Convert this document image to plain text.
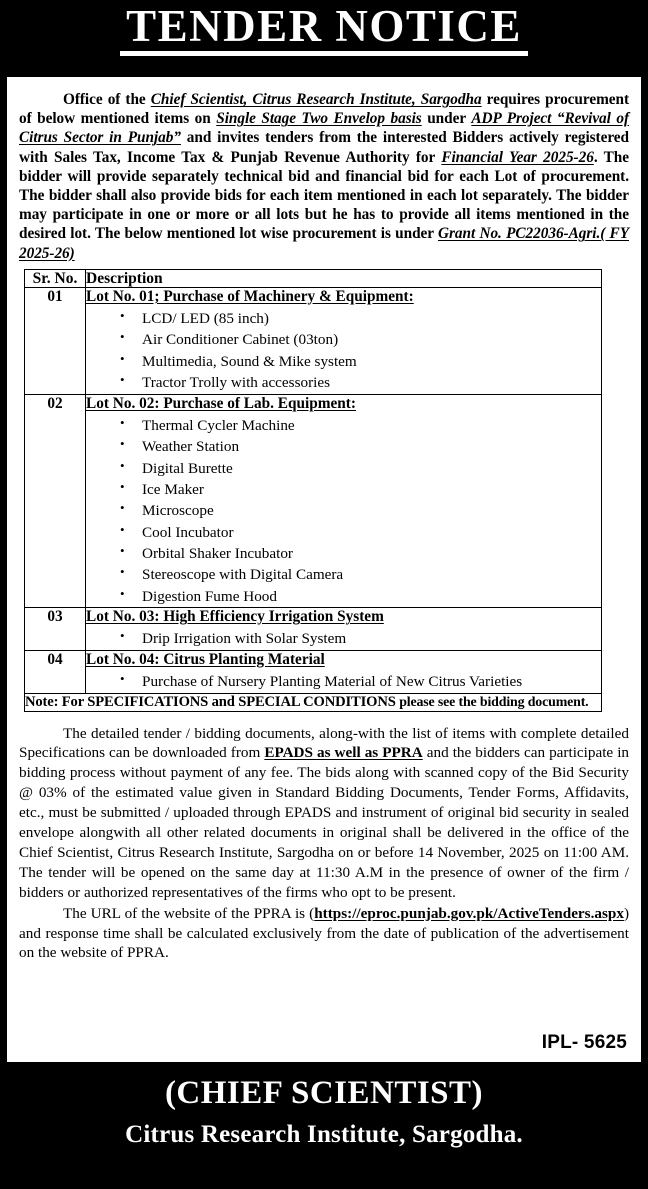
TENDER NOTICE

Office of the Chief Scientist, Citrus Research Institute, Sargodha requires procurement of below mentioned items on Single Stage Two Envelop basis under ADP Project “Revival of Citrus Sector in Punjab” and invites tenders from the interested Bidders actively registered with Sales Tax, Income Tax & Punjab Revenue Authority for Financial Year 2025-26. The bidder will provide separately technical bid and financial bid for each Lot of procurement. The bidder shall also provide bids for each item mentioned in each lot separately. The bidder may participate in one or more or all lots but he has to provide all items mentioned in the desired lot. The below mentioned lot wise procurement is under Grant No. PC22036-Agri.( FY 2025-26)

Sr. No.	Description
01	Lot No. 01; Purchase of Machinery & Equipment:
• LCD/ LED (85 inch)
• Air Conditioner Cabinet (03ton)
• Multimedia, Sound & Mike system
• Tractor Trolly with accessories

02	Lot No. 02: Purchase of Lab. Equipment:
• Thermal Cycler Machine
• Weather Station
• Digital Burette
• Ice Maker
• Microscope
• Cool Incubator
• Orbital Shaker Incubator
• Stereoscope with Digital Camera
• Digestion Fume Hood

03	Lot No. 03: High Efficiency Irrigation System
• Drip Irrigation with Solar System

04	Lot No. 04: Citrus Planting Material
• Purchase of Nursery Planting Material of New Citrus Varieties

Note: For SPECIFICATIONS and SPECIAL CONDITIONS please see the bidding document.	

The detailed tender / bidding documents, along-with the list of items with complete detailed Specifications can be downloaded from EPADS as well as PPRA and the bidders can participate in bidding process without payment of any fee. The bids along with scanned copy of the Bid Security @ 03% of the estimated value given in Standard Bidding Documents, Tender Forms, Affidavits, etc., must be submitted / uploaded through EPADS and instrument of original bid security in sealed envelope alongwith all other related documents in original shall be delivered in the office of the Chief Scientist, Citrus Research Institute, Sargodha on or before 14 November, 2025 on 11:00 AM. The tender will be opened on the same day at 11:30 A.M in the presence of owner of the firm / bidders or authorized representatives of the firms who opt to be present.

The URL of the website of the PPRA is (https://eproc.punjab.gov.pk/ActiveTenders.aspx) and response time shall be calculated exclusively from the date of publication of the advertisement on the website of PPRA.

IPL- 5625
(CHIEF SCIENTIST)
Citrus Research Institute, Sargodha.
